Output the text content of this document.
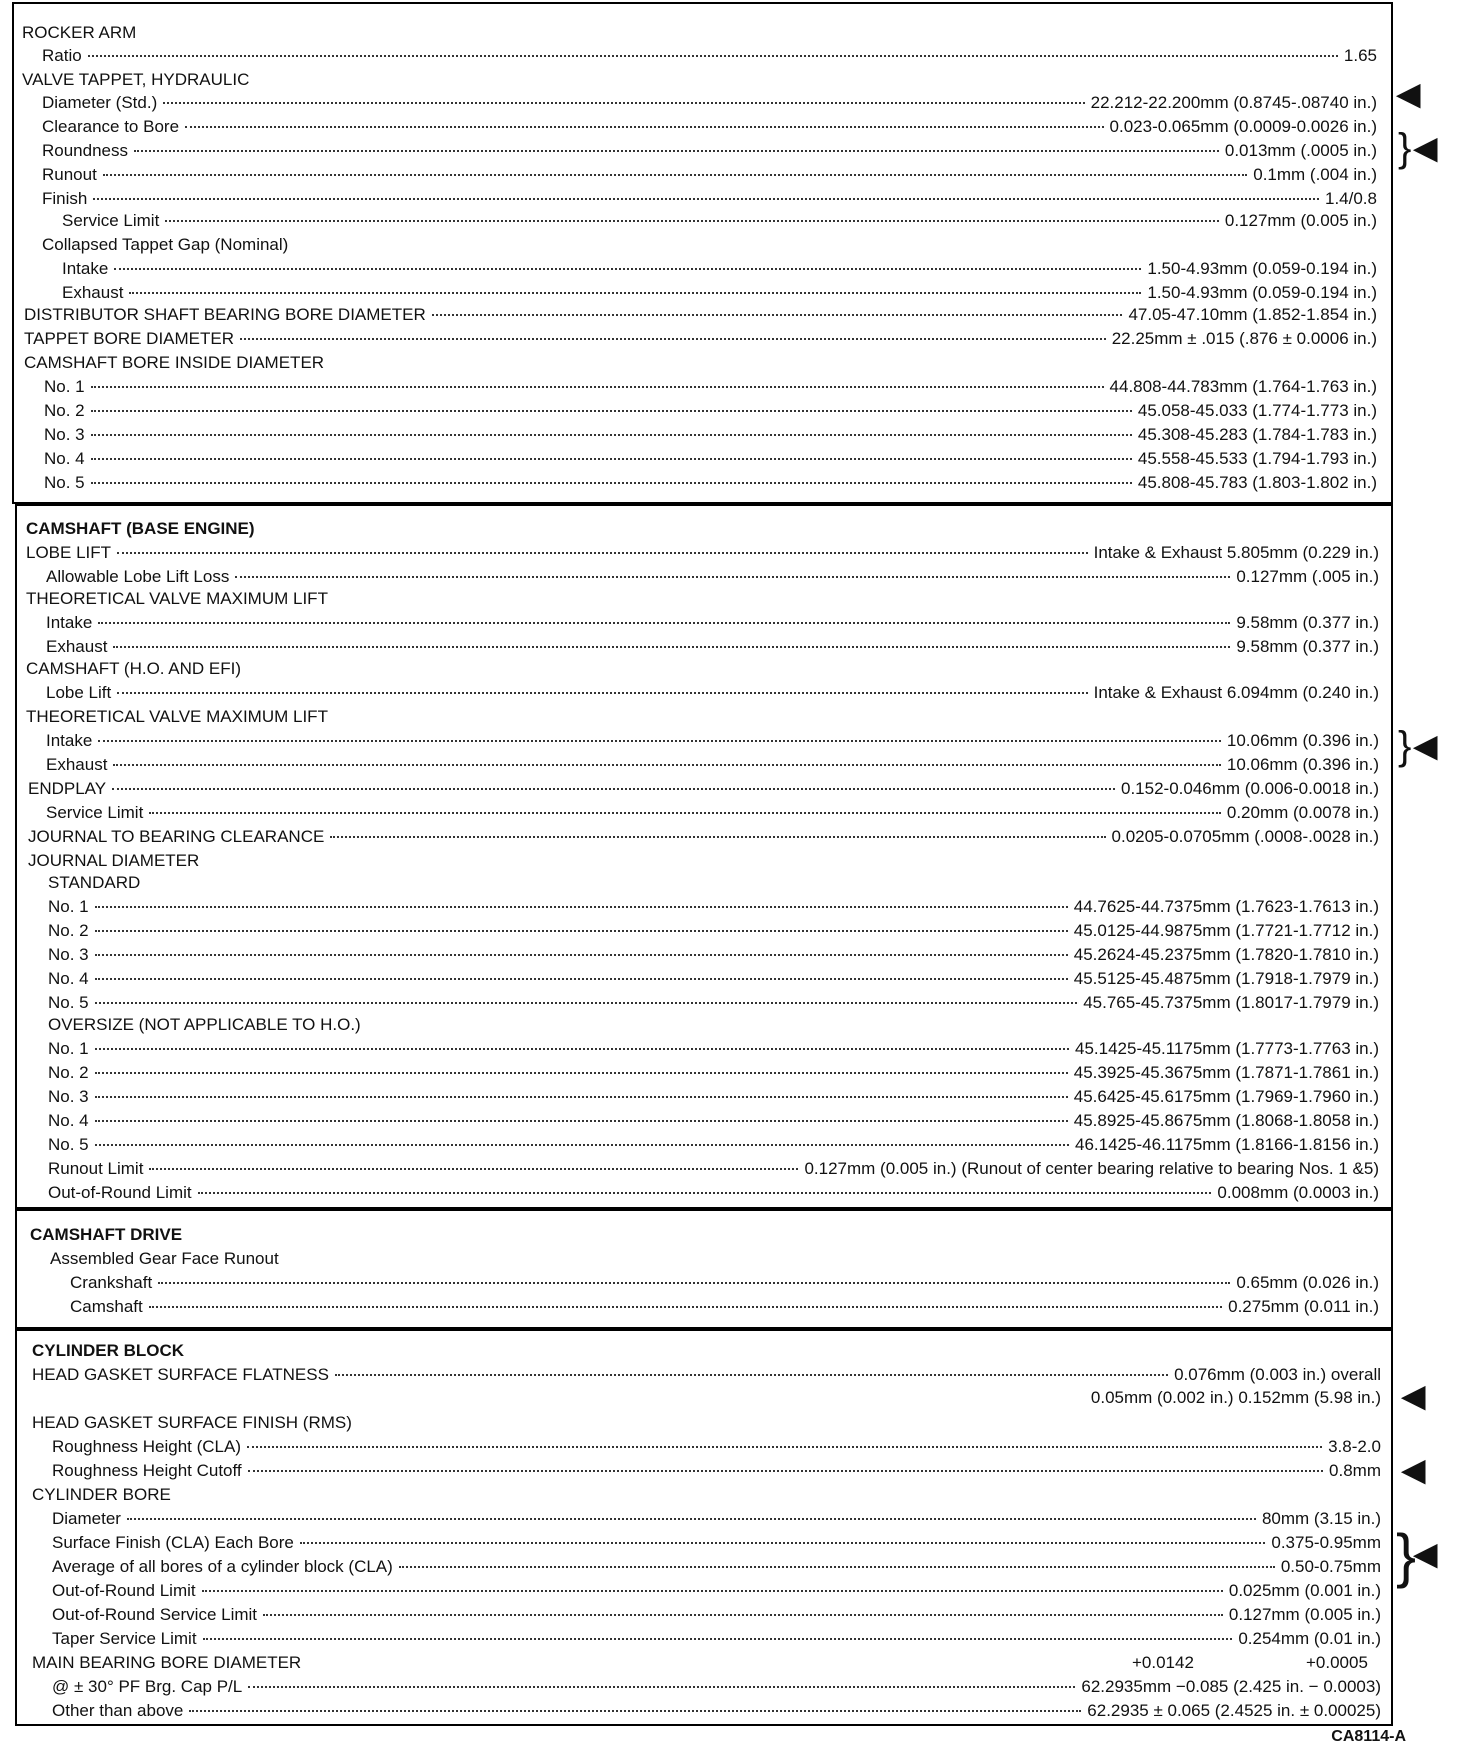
ROCKER ARM
Ratio	1.65
VALVE TAPPET, HYDRAULIC
Diameter (Std.)	22.212-22.200mm (0.8745-.08740 in.)
Clearance to Bore	0.023-0.065mm (0.0009-0.0026 in.)
Roundness	0.013mm (.0005 in.)
Runout	0.1mm (.004 in.)
Finish	1.4/0.8
Service Limit	0.127mm (0.005 in.)
Collapsed Tappet Gap (Nominal)
Intake	1.50-4.93mm (0.059-0.194 in.)
Exhaust	1.50-4.93mm (0.059-0.194 in.)
DISTRIBUTOR SHAFT BEARING BORE DIAMETER	47.05-47.10mm (1.852-1.854 in.)
TAPPET BORE DIAMETER	22.25mm ± .015 (.876 ± 0.0006 in.)
CAMSHAFT BORE INSIDE DIAMETER
No. 1	44.808-44.783mm (1.764-1.763 in.)
No. 2	45.058-45.033 (1.774-1.773 in.)
No. 3	45.308-45.283 (1.784-1.783 in.)
No. 4	45.558-45.533 (1.794-1.793 in.)
No. 5	45.808-45.783 (1.803-1.802 in.)
CAMSHAFT (BASE ENGINE)
LOBE LIFT	Intake & Exhaust 5.805mm (0.229 in.)
Allowable Lobe Lift Loss	0.127mm (.005 in.)
THEORETICAL VALVE MAXIMUM LIFT
Intake	9.58mm (0.377 in.)
Exhaust	9.58mm (0.377 in.)
CAMSHAFT (H.O. AND EFI)
Lobe Lift	Intake & Exhaust 6.094mm (0.240 in.)
THEORETICAL VALVE MAXIMUM LIFT
Intake	10.06mm (0.396 in.)
Exhaust	10.06mm (0.396 in.)
ENDPLAY	0.152-0.046mm (0.006-0.0018 in.)
Service Limit	0.20mm (0.0078 in.)
JOURNAL TO BEARING CLEARANCE	0.0205-0.0705mm (.0008-.0028 in.)
JOURNAL DIAMETER
STANDARD
No. 1	44.7625-44.7375mm (1.7623-1.7613 in.)
No. 2	45.0125-44.9875mm (1.7721-1.7712 in.)
No. 3	45.2624-45.2375mm (1.7820-1.7810 in.)
No. 4	45.5125-45.4875mm (1.7918-1.7979 in.)
No. 5	45.765-45.7375mm (1.8017-1.7979 in.)
OVERSIZE (NOT APPLICABLE TO H.O.)
No. 1	45.1425-45.1175mm (1.7773-1.7763 in.)
No. 2	45.3925-45.3675mm (1.7871-1.7861 in.)
No. 3	45.6425-45.6175mm (1.7969-1.7960 in.)
No. 4	45.8925-45.8675mm (1.8068-1.8058 in.)
No. 5	46.1425-46.1175mm (1.8166-1.8156 in.)
Runout Limit	0.127mm (0.005 in.) (Runout of center bearing relative to bearing Nos. 1 &5)
Out-of-Round Limit	0.008mm (0.0003 in.)
CAMSHAFT DRIVE
Assembled Gear Face Runout
Crankshaft	0.65mm (0.026 in.)
Camshaft	0.275mm (0.011 in.)
CYLINDER BLOCK
HEAD GASKET SURFACE FLATNESS	0.076mm (0.003 in.) overall
0.05mm (0.002 in.) 0.152mm (5.98 in.)
HEAD GASKET SURFACE FINISH (RMS)
Roughness Height (CLA)	3.8-2.0
Roughness Height Cutoff	0.8mm
CYLINDER BORE
Diameter	80mm (3.15 in.)
Surface Finish (CLA) Each Bore	0.375-0.95mm
Average of all bores of a cylinder block (CLA)	0.50-0.75mm
Out-of-Round Limit	0.025mm (0.001 in.)
Out-of-Round Service Limit	0.127mm (0.005 in.)
Taper Service Limit	0.254mm (0.01 in.)
MAIN BEARING BORE DIAMETER	+0.0142	+0.0005
@ ± 30° PF Brg. Cap P/L	62.2935mm −0.085 (2.425 in. − 0.0003)
Other than above	62.2935 ± 0.065 (2.4525 in. ± 0.00025)
◀
} ◀
} ◀
◀
◀
}
◀
CA8114-A
